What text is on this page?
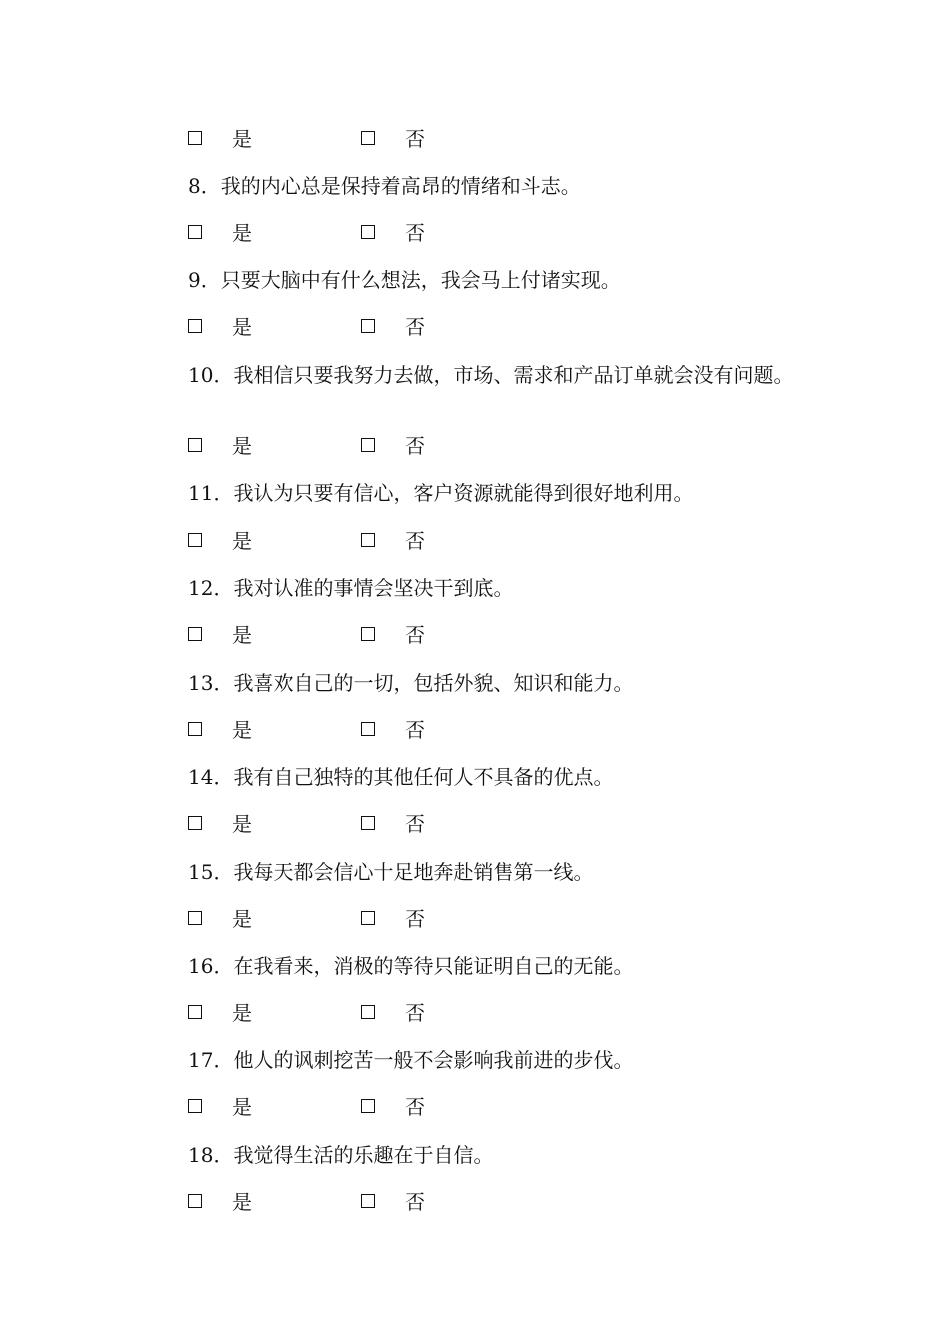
是	否
8．我的内心总是保持着高昂的情绪和斗志。
是	否
9．只要大脑中有什么想法，我会马上付诸实现。
是	否
10．我相信只要我努力去做，市场、需求和产品订单就会没有问题。
是	否
11．我认为只要有信心，客户资源就能得到很好地利用。
是	否
12．我对认准的事情会坚决干到底。
是	否
13．我喜欢自己的一切，包括外貌、知识和能力。
是	否
14．我有自己独特的其他任何人不具备的优点。
是	否
15．我每天都会信心十足地奔赴销售第一线。
是	否
16．在我看来，消极的等待只能证明自己的无能。
是	否
17．他人的讽刺挖苦一般不会影响我前进的步伐。
是	否
18．我觉得生活的乐趣在于自信。
是	否
